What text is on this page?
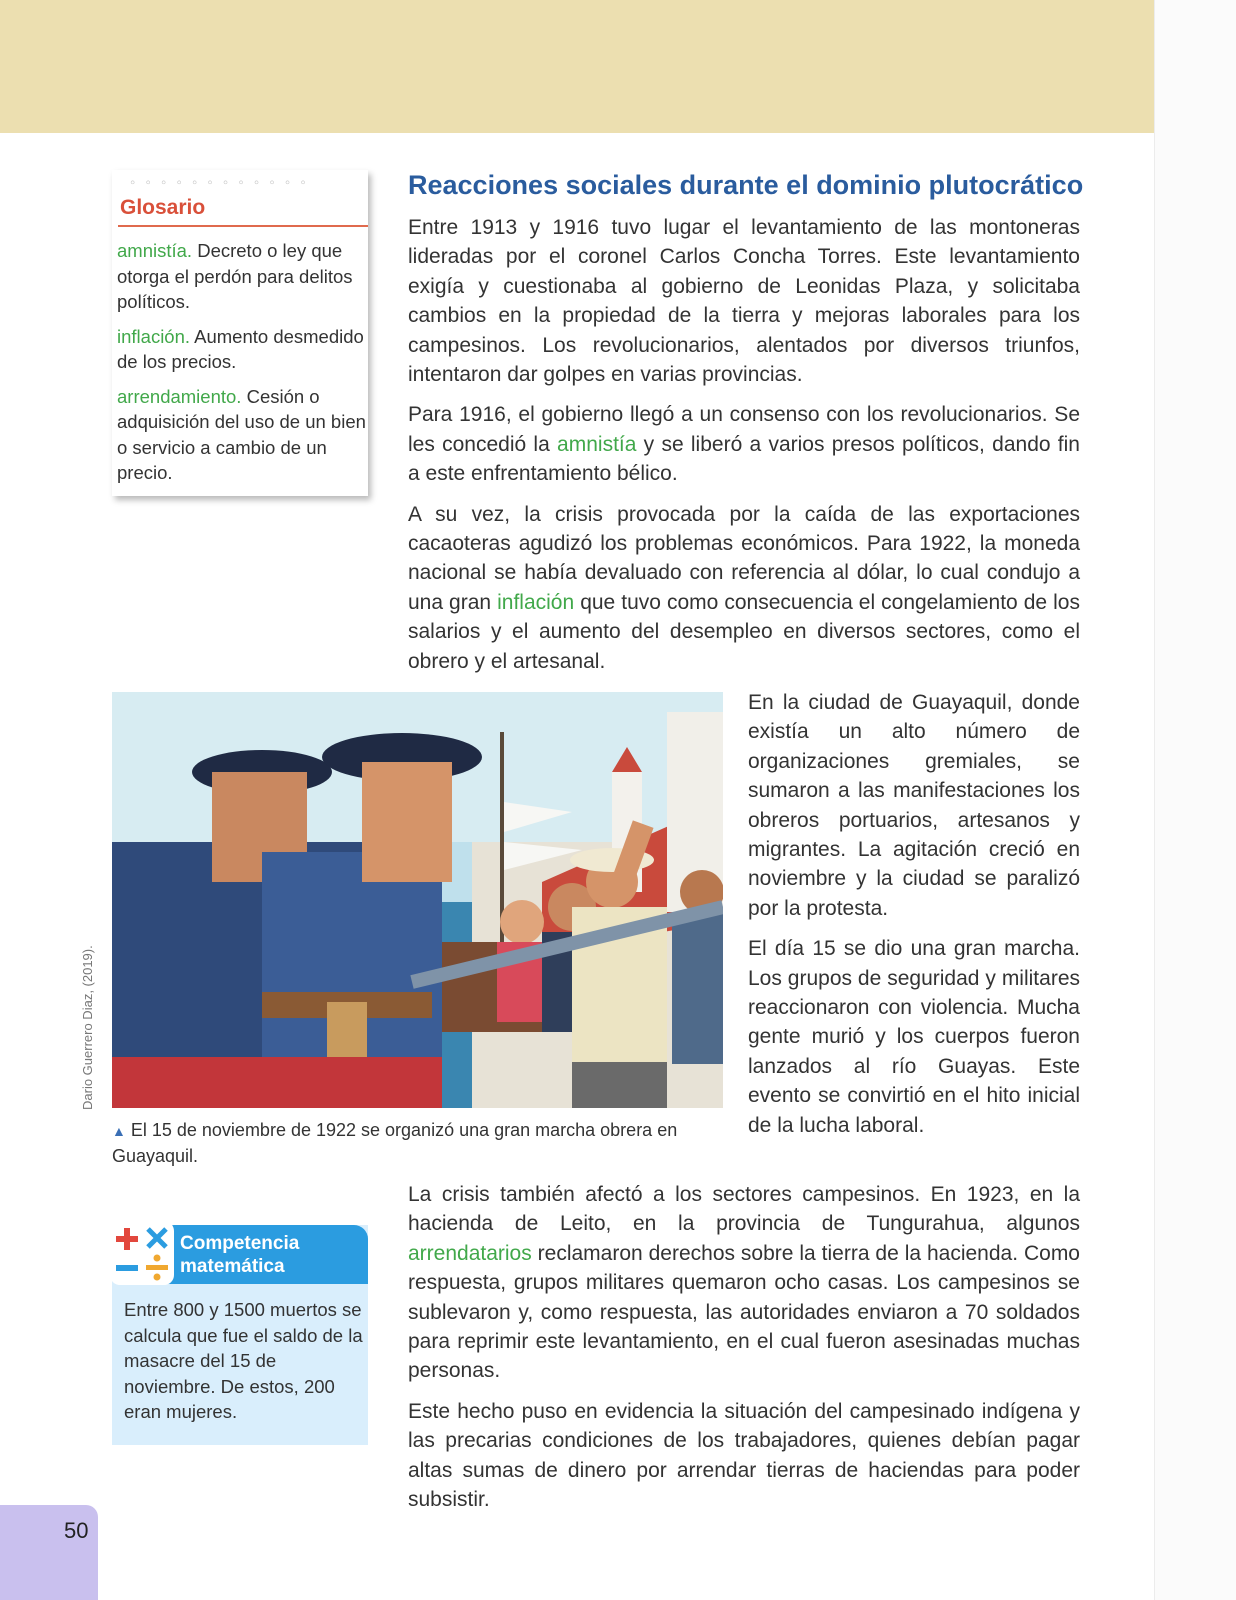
50
◦ ◦ ◦ ◦ ◦ ◦ ◦ ◦ ◦ ◦ ◦ ◦
Glosario

amnistía. Decreto o ley que otorga el perdón para delitos políticos.

inflación. Aumento desmedido de los precios.

arrendamiento. Cesión o adquisición del uso de un bien o servicio a cambio de un precio.

Reacciones sociales durante el dominio plutocrático

Entre 1913 y 1916 tuvo lugar el levantamiento de las montoneras lideradas por el coronel Carlos Concha Torres. Este levantamiento exigía y cuestionaba al gobierno de Leonidas Plaza, y solicitaba cambios en la propiedad de la tierra y mejoras laborales para los campesinos. Los revolucionarios, alentados por diversos triunfos, intentaron dar golpes en varias provincias.

Para 1916, el gobierno llegó a un consenso con los revolucionarios. Se les concedió la amnistía y se liberó a varios presos políticos, dando fin a este enfrentamiento bélico.

A su vez, la crisis provocada por la caída de las exportaciones cacaoteras agudizó los problemas económicos. Para 1922, la moneda nacional se había devaluado con referencia al dólar, lo cual condujo a una gran inflación que tuvo como consecuencia el congelamiento de los salarios y el aumento del desempleo en diversos sectores, como el obrero y el artesanal.

Dario Guerrero Diaz, (2019).
▲ El 15 de noviembre de 1922 se organizó una gran marcha obrera en Guayaquil.

En la ciudad de Guayaquil, donde existía un alto número de organizaciones gremiales, se sumaron a las manifestaciones los obreros portuarios, artesanos y migrantes. La agitación creció en noviembre y la ciudad se paralizó por la protesta.

El día 15 se dio una gran marcha. Los grupos de seguridad y militares reaccionaron con violencia. Mucha gente murió y los cuerpos fueron lanzados al río Guayas. Este evento se convirtió en el hito inicial de la lucha laboral.

La crisis también afectó a los sectores campesinos. En 1923, en la hacienda de Leito, en la provincia de Tungurahua, algunos arrendatarios reclamaron derechos sobre la tierra de la hacienda. Como respuesta, grupos militares quemaron ocho casas. Los campesinos se sublevaron y, como respuesta, las autoridades enviaron a 70 soldados para reprimir este levantamiento, en el cual fueron asesinadas muchas personas.

Este hecho puso en evidencia la situación del campesinado indígena y las precarias condiciones de los trabajadores, quienes debían pagar altas sumas de dinero por arrendar tierras de haciendas para poder subsistir.

Competencia
matemática
Entre 800 y 1500 muertos se calcula que fue el saldo de la masacre del 15 de noviembre. De estos, 200 eran mujeres.
